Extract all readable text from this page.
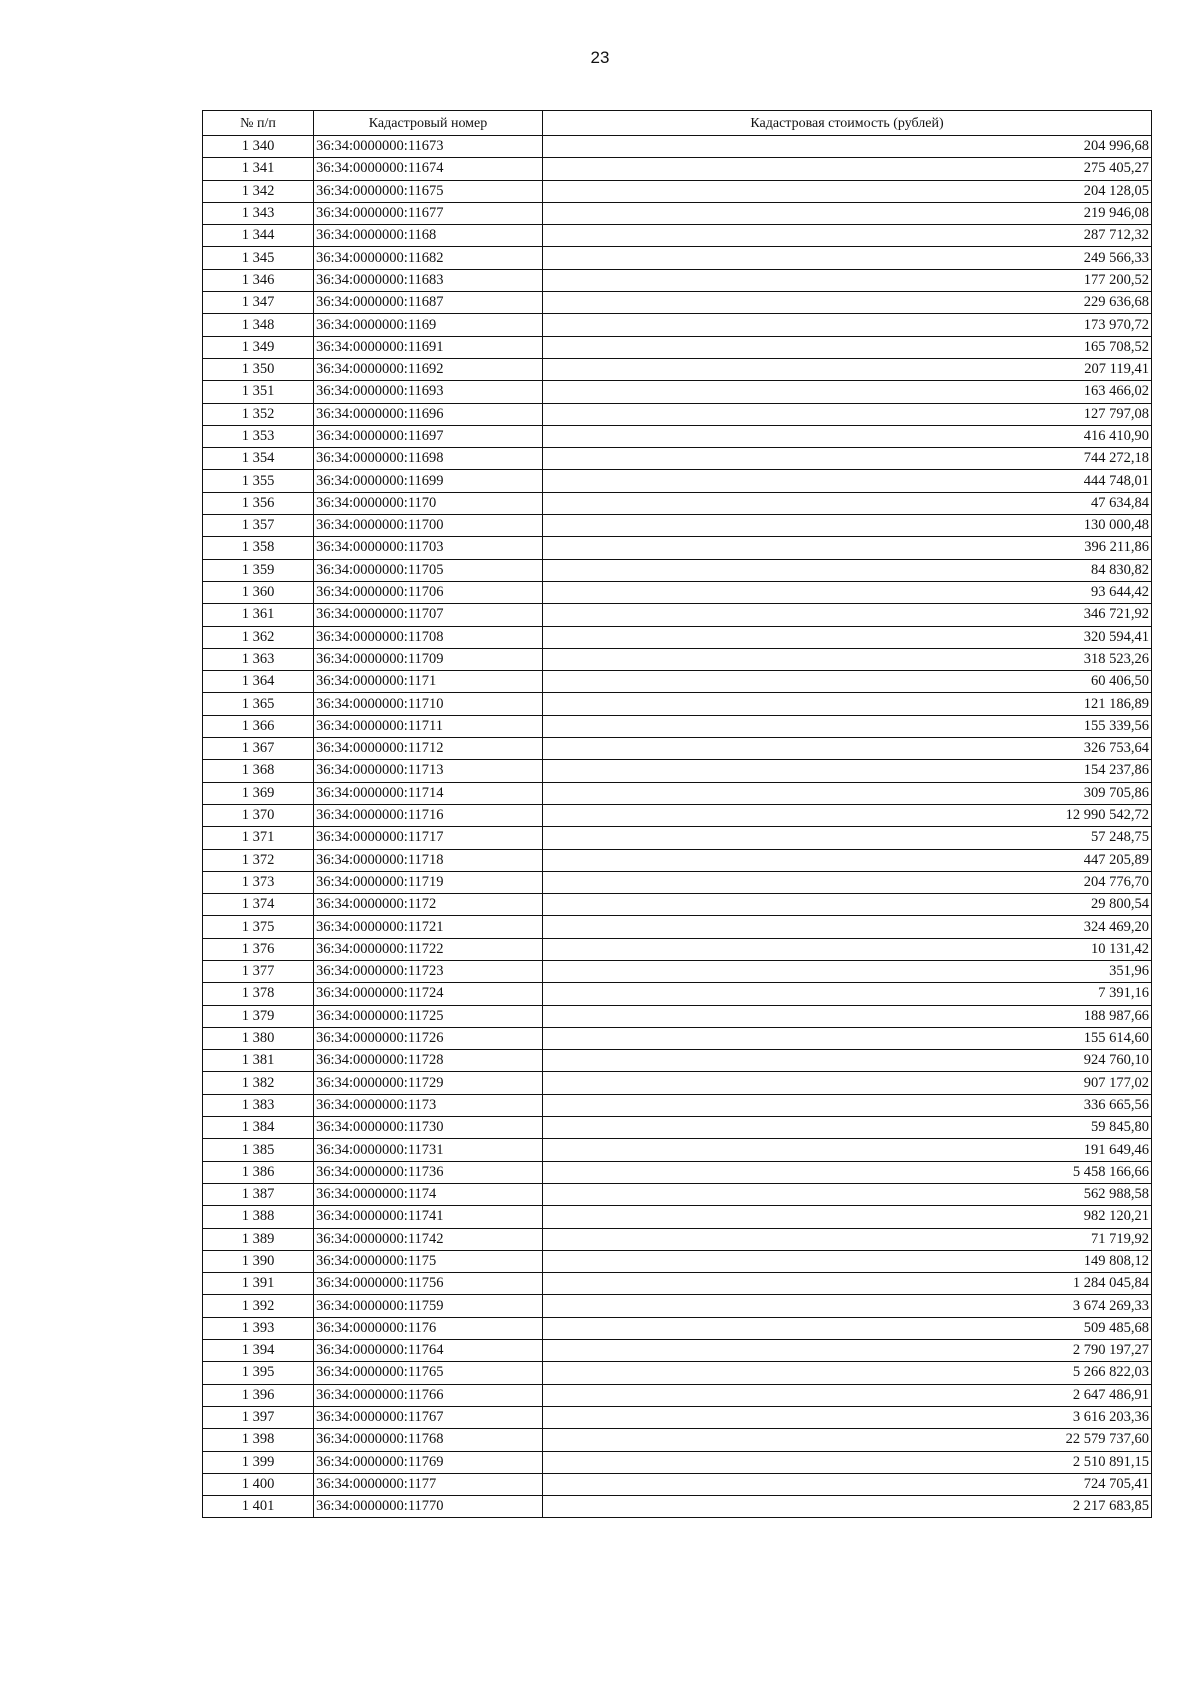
23
№ п/п	Кадастровый номер	Кадастровая стоимость (рублей)
1 340	36:34:0000000:11673	204 996,68
1 341	36:34:0000000:11674	275 405,27
1 342	36:34:0000000:11675	204 128,05
1 343	36:34:0000000:11677	219 946,08
1 344	36:34:0000000:1168	287 712,32
1 345	36:34:0000000:11682	249 566,33
1 346	36:34:0000000:11683	177 200,52
1 347	36:34:0000000:11687	229 636,68
1 348	36:34:0000000:1169	173 970,72
1 349	36:34:0000000:11691	165 708,52
1 350	36:34:0000000:11692	207 119,41
1 351	36:34:0000000:11693	163 466,02
1 352	36:34:0000000:11696	127 797,08
1 353	36:34:0000000:11697	416 410,90
1 354	36:34:0000000:11698	744 272,18
1 355	36:34:0000000:11699	444 748,01
1 356	36:34:0000000:1170	47 634,84
1 357	36:34:0000000:11700	130 000,48
1 358	36:34:0000000:11703	396 211,86
1 359	36:34:0000000:11705	84 830,82
1 360	36:34:0000000:11706	93 644,42
1 361	36:34:0000000:11707	346 721,92
1 362	36:34:0000000:11708	320 594,41
1 363	36:34:0000000:11709	318 523,26
1 364	36:34:0000000:1171	60 406,50
1 365	36:34:0000000:11710	121 186,89
1 366	36:34:0000000:11711	155 339,56
1 367	36:34:0000000:11712	326 753,64
1 368	36:34:0000000:11713	154 237,86
1 369	36:34:0000000:11714	309 705,86
1 370	36:34:0000000:11716	12 990 542,72
1 371	36:34:0000000:11717	57 248,75
1 372	36:34:0000000:11718	447 205,89
1 373	36:34:0000000:11719	204 776,70
1 374	36:34:0000000:1172	29 800,54
1 375	36:34:0000000:11721	324 469,20
1 376	36:34:0000000:11722	10 131,42
1 377	36:34:0000000:11723	351,96
1 378	36:34:0000000:11724	7 391,16
1 379	36:34:0000000:11725	188 987,66
1 380	36:34:0000000:11726	155 614,60
1 381	36:34:0000000:11728	924 760,10
1 382	36:34:0000000:11729	907 177,02
1 383	36:34:0000000:1173	336 665,56
1 384	36:34:0000000:11730	59 845,80
1 385	36:34:0000000:11731	191 649,46
1 386	36:34:0000000:11736	5 458 166,66
1 387	36:34:0000000:1174	562 988,58
1 388	36:34:0000000:11741	982 120,21
1 389	36:34:0000000:11742	71 719,92
1 390	36:34:0000000:1175	149 808,12
1 391	36:34:0000000:11756	1 284 045,84
1 392	36:34:0000000:11759	3 674 269,33
1 393	36:34:0000000:1176	509 485,68
1 394	36:34:0000000:11764	2 790 197,27
1 395	36:34:0000000:11765	5 266 822,03
1 396	36:34:0000000:11766	2 647 486,91
1 397	36:34:0000000:11767	3 616 203,36
1 398	36:34:0000000:11768	22 579 737,60
1 399	36:34:0000000:11769	2 510 891,15
1 400	36:34:0000000:1177	724 705,41
1 401	36:34:0000000:11770	2 217 683,85
